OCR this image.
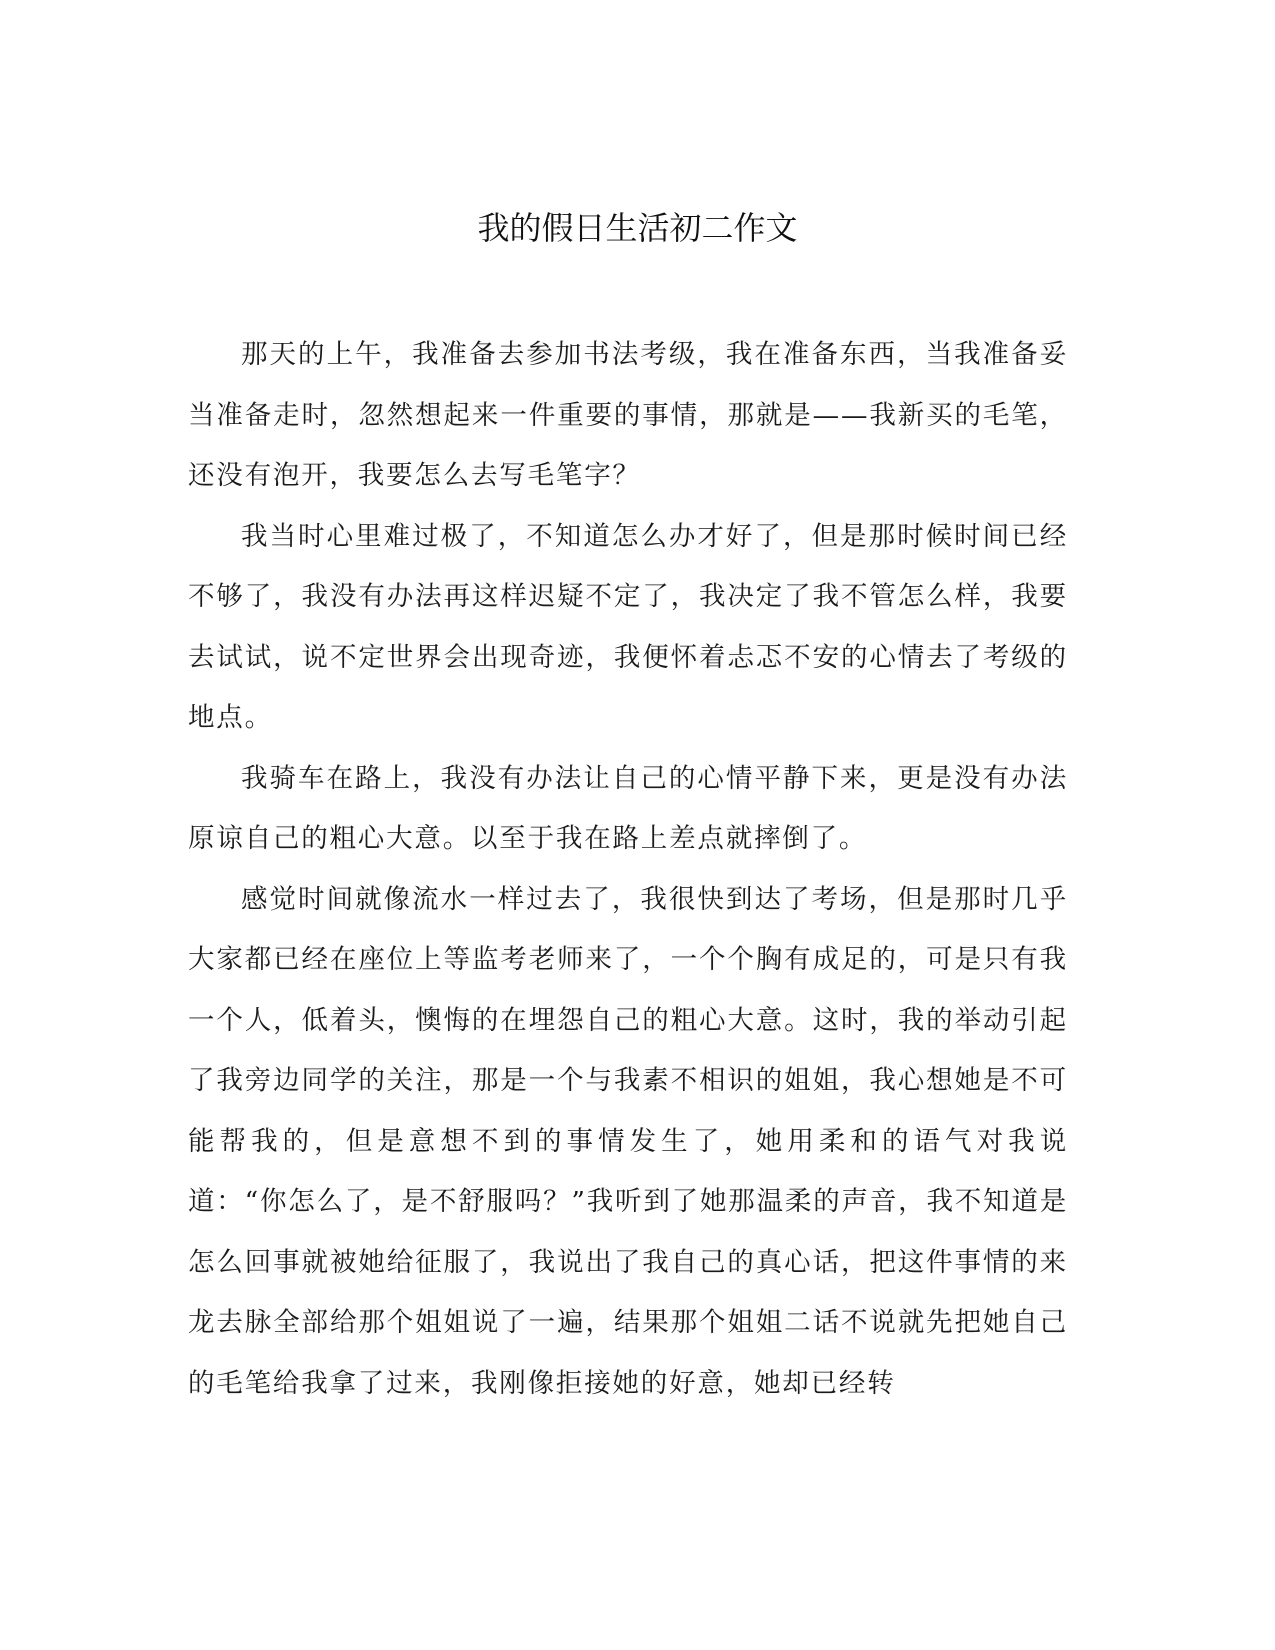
我的假日生活初二作文

那天的上午，我准备去参加书法考级，我在准备东西，当我准备妥当准备走时，忽然想起来一件重要的事情，那就是——我新买的毛笔，还没有泡开，我要怎么去写毛笔字？

我当时心里难过极了，不知道怎么办才好了，但是那时候时间已经不够了，我没有办法再这样迟疑不定了，我决定了我不管怎么样，我要去试试，说不定世界会出现奇迹，我便怀着忐忑不安的心情去了考级的地点。

我骑车在路上，我没有办法让自己的心情平静下来，更是没有办法原谅自己的粗心大意。以至于我在路上差点就摔倒了。

感觉时间就像流水一样过去了，我很快到达了考场，但是那时几乎大家都已经在座位上等监考老师来了，一个个胸有成足的，可是只有我一个人，低着头，懊悔的在埋怨自己的粗心大意。这时，我的举动引起了我旁边同学的关注，那是一个与我素不相识的姐姐，我心想她是不可能帮我的，但是意想不到的事情发生了，她用柔和的语气对我说道：“你怎么了，是不舒服吗？”我听到了她那温柔的声音，我不知道是怎么回事就被她给征服了，我说出了我自己的真心话，把这件事情的来龙去脉全部给那个姐姐说了一遍，结果那个姐姐二话不说就先把她自己的毛笔给我拿了过来，我刚像拒接她的好意，她却已经转
